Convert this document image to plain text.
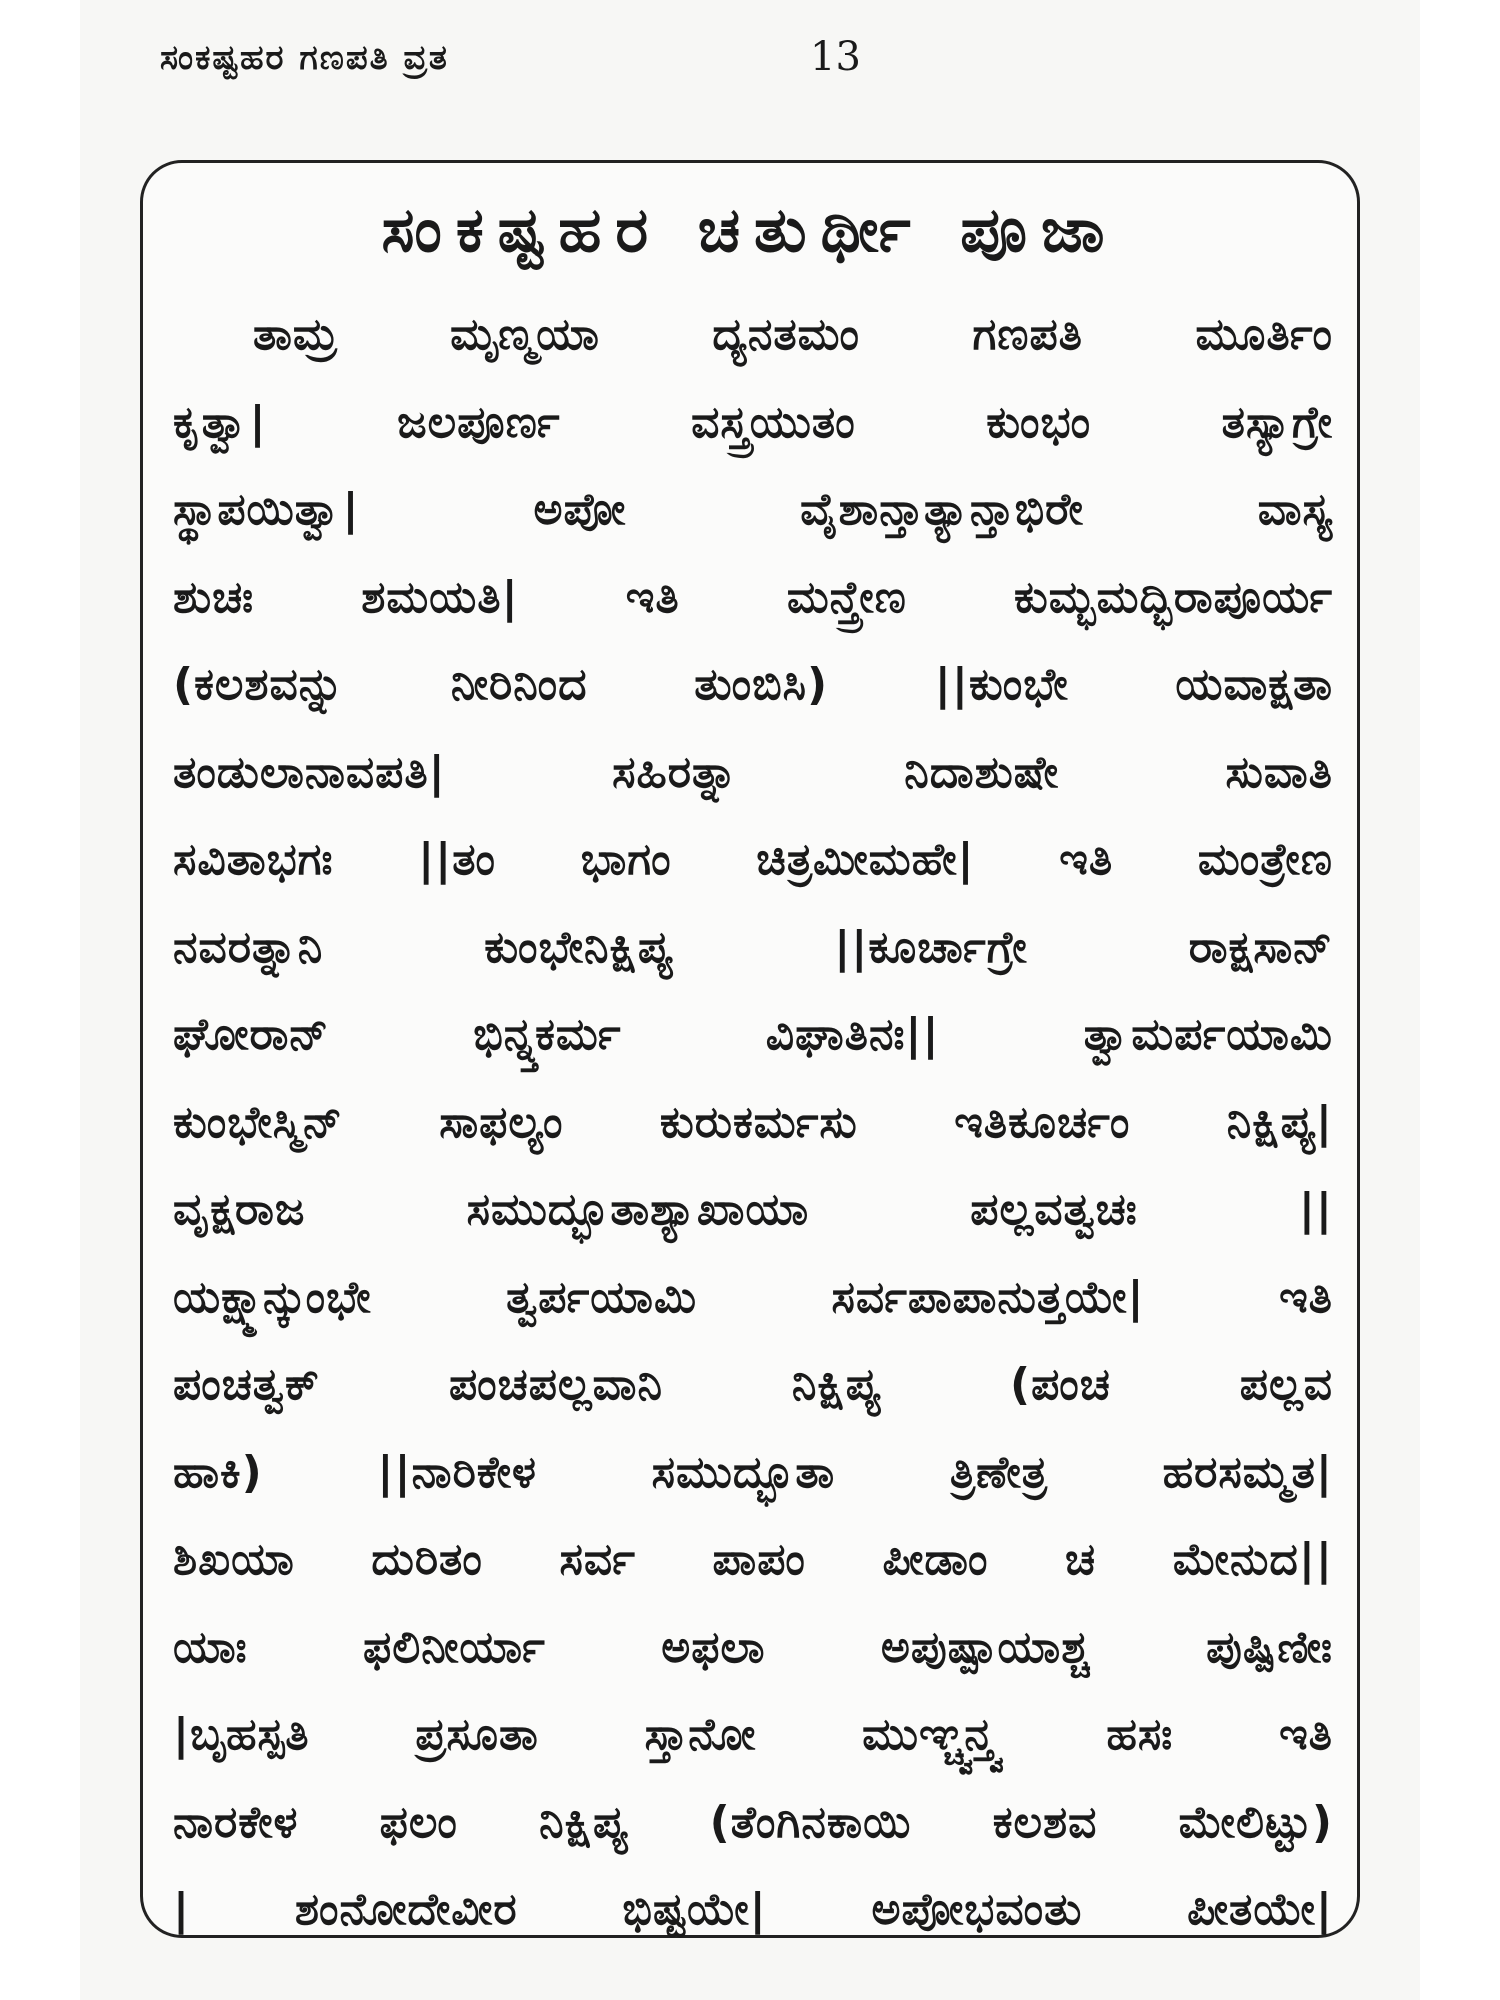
ಸಂಕಷ್ಟಹರ ಗಣಪತಿ ವ್ರತ	13
ಸಂಕಷ್ಟಹರ ಚತುರ್ಥೀ ಪೂಜಾ
ತಾಮ್ರ ಮೃಣ್ಮಯಾ ದ್ಯನತಮಂ ಗಣಪತಿ ಮೂರ್ತಿಂ
ಕೃತ್ವಾ| ಜಲಪೂರ್ಣ ವಸ್ತ್ರಯುತಂ ಕುಂಭಂ ತಸ್ಯಾಗ್ರೇ
ಸ್ಥಾಪಯಿತ್ವಾ| ಅಪೋ ವೈಶಾನ್ತಾತ್ಯಾನ್ತಾಭಿರೇ ವಾಸ್ಯ
ಶುಚಃ ಶಮಯತಿ| ಇತಿ ಮನ್ತ್ರೇಣ ಕುಮ್ಭಮದ್ಭಿರಾಪೂರ್ಯ
(ಕಲಶವನ್ನು ನೀರಿನಿಂದ ತುಂಬಿಸಿ) ||ಕುಂಭೇ ಯವಾಕ್ಷತಾ
ತಂಡುಲಾನಾವಪತಿ| ಸಹಿರತ್ನಾ ನಿದಾಶುಷೇ ಸುವಾತಿ
ಸವಿತಾಭಗಃ ||ತಂ ಭಾಗಂ ಚಿತ್ರಮೀಮಹೇ| ಇತಿ ಮಂತ್ರೇಣ
ನವರತ್ನಾನಿ ಕುಂಭೇನಿಕ್ಷಿಪ್ಯ ||ಕೂರ್ಚಾಗ್ರೇ ರಾಕ್ಷಸಾನ್
ಘೋರಾನ್ ಭಿನ್ನ್ತಕರ್ಮ ವಿಘಾತಿನಃ|| ತ್ವಾಮರ್ಪಯಾಮಿ
ಕುಂಭೇಸ್ಮಿನ್ ಸಾಫಲ್ಯಂ ಕುರುಕರ್ಮಸು ಇತಿಕೂರ್ಚಂ ನಿಕ್ಷಿಪ್ಯ|
ವೃಕ್ಷರಾಜ ಸಮುದ್ಭೂತಾಶ್ಯಾಖಾಯಾ ಪಲ್ಲವತ್ವಚಃ ||
ಯಕ್ಷ್ಮಾನ್ಕುಂಭೇ ತ್ವರ್ಪಯಾಮಿ ಸರ್ವಪಾಪಾನುತ್ತಯೇ| ಇತಿ
ಪಂಚತ್ವಕ್ ಪಂಚಪಲ್ಲವಾನಿ ನಿಕ್ಷಿಪ್ಯ (ಪಂಚ ಪಲ್ಲವ
ಹಾಕಿ) ||ನಾರಿಕೇಳ ಸಮುದ್ಭೂತಾ ತ್ರಿಣೇತ್ರ ಹರಸಮ್ಮತ|
ಶಿಖಯಾ ದುರಿತಂ ಸರ್ವ ಪಾಪಂ ಪೀಡಾಂ ಚ ಮೇನುದ||
ಯಾಃ ಫಲಿನೀರ್ಯಾ ಅಫಲಾ ಅಪುಷ್ಪಾಯಾಶ್ಚ ಪುಷ್ಪಿಣೀಃ
|ಬೃಹಸ್ಪತಿ ಪ್ರಸೂತಾ ಸ್ತಾನೋ ಮುಞ್ಚ್ವನ್ತ್ವ ಹಸಃ ಇತಿ
ನಾರಕೇಳ ಫಲಂ ನಿಕ್ಷಿಪ್ಯ (ತೆಂಗಿನಕಾಯಿ ಕಲಶವ ಮೇಲಿಟ್ಟು)
| ಶಂನೋದೇವೀರ ಭಿಷ್ಟಯೇ| ಅಪೋಭವಂತು ಪೀತಯೇ|
